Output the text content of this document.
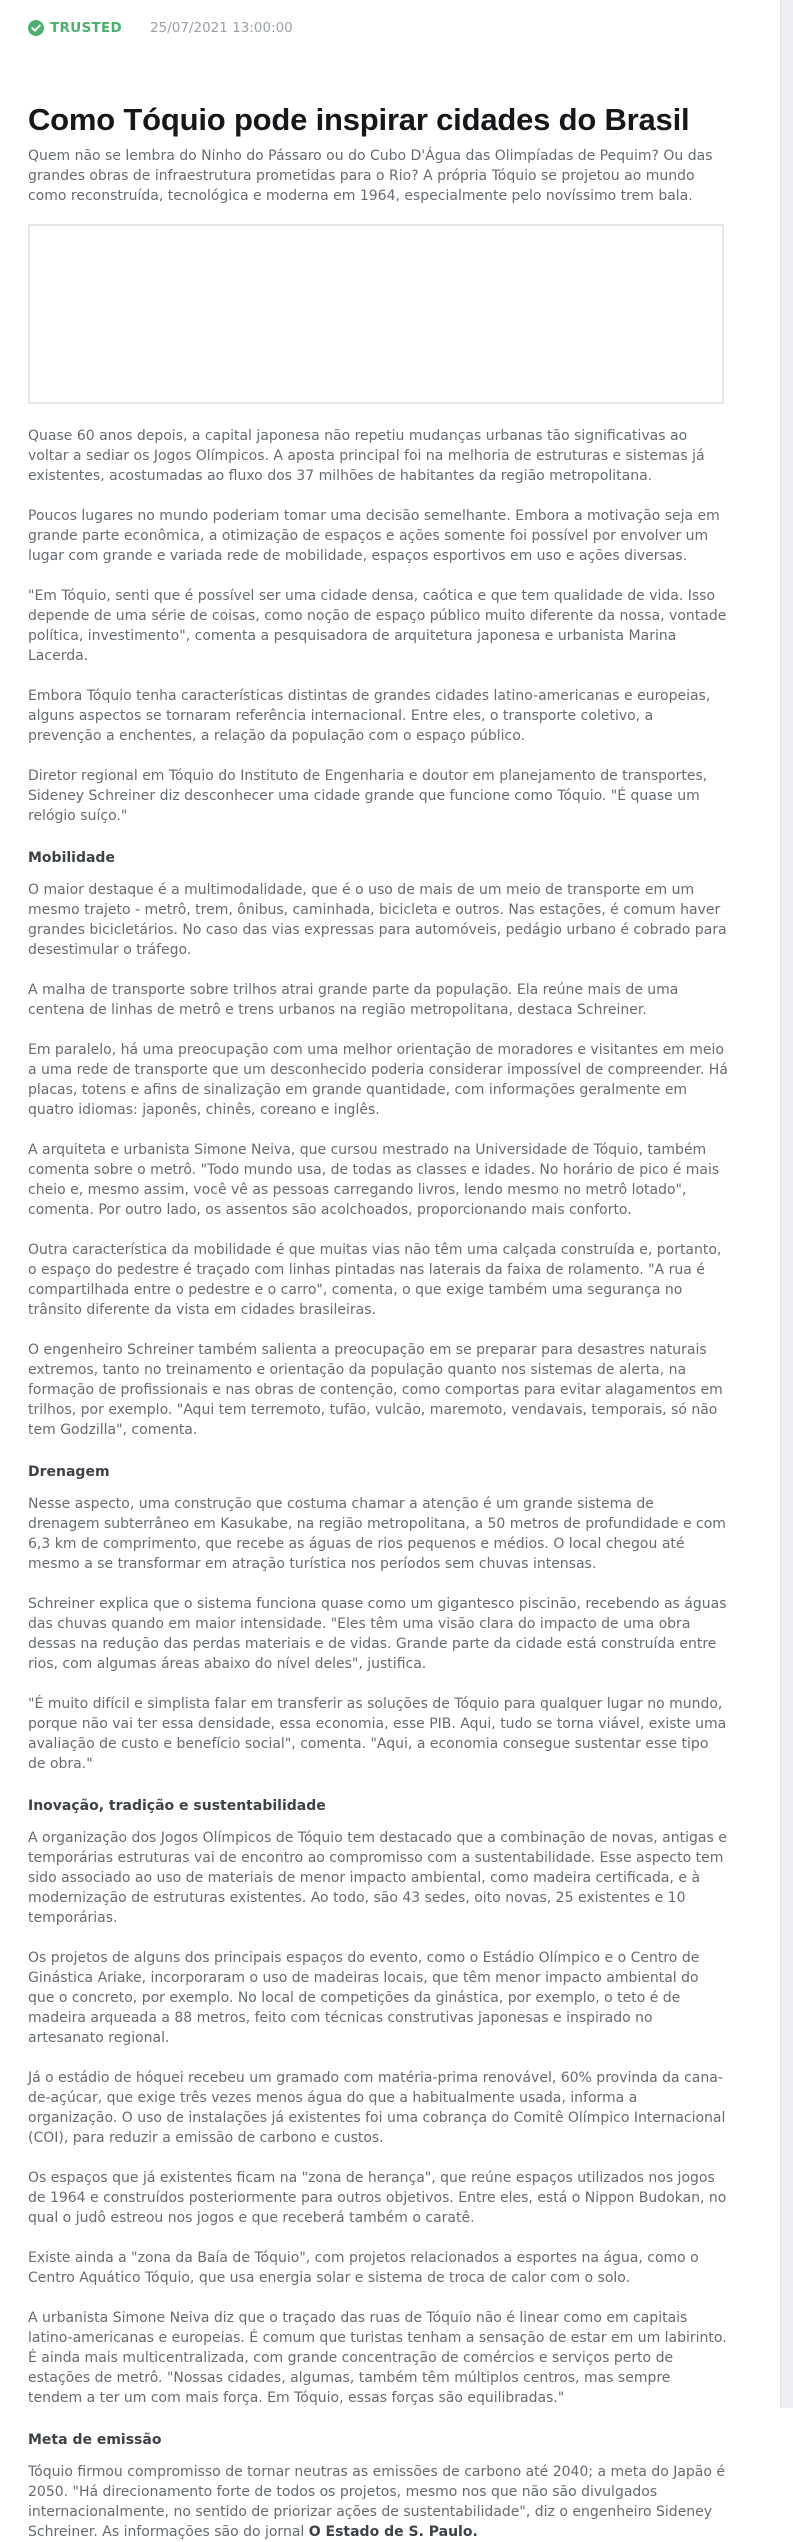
TRUSTED 25/07/2021 13:00:00
Como Tóquio pode inspirar cidades do Brasil

Quem não se lembra do Ninho do Pássaro ou do Cubo D'Água das Olimpíadas de Pequim? Ou das grandes obras de infraestrutura prometidas para o Rio? A própria Tóquio se projetou ao mundo como reconstruída, tecnológica e moderna em 1964, especialmente pelo novíssimo trem bala.

Quase 60 anos depois, a capital japonesa não repetiu mudanças urbanas tão significativas ao voltar a sediar os Jogos Olímpicos. A aposta principal foi na melhoria de estruturas e sistemas já existentes, acostumadas ao fluxo dos 37 milhões de habitantes da região metropolitana.

Poucos lugares no mundo poderiam tomar uma decisão semelhante. Embora a motivação seja em grande parte econômica, a otimização de espaços e ações somente foi possível por envolver um lugar com grande e variada rede de mobilidade, espaços esportivos em uso e ações diversas.

"Em Tóquio, senti que é possível ser uma cidade densa, caótica e que tem qualidade de vida. Isso depende de uma série de coisas, como noção de espaço público muito diferente da nossa, vontade política, investimento", comenta a pesquisadora de arquitetura japonesa e urbanista Marina Lacerda.

Embora Tóquio tenha características distintas de grandes cidades latino-americanas e europeias, alguns aspectos se tornaram referência internacional. Entre eles, o transporte coletivo, a prevenção a enchentes, a relação da população com o espaço público.

Diretor regional em Tóquio do Instituto de Engenharia e doutor em planejamento de transportes, Sideney Schreiner diz desconhecer uma cidade grande que funcione como Tóquio. "É quase um relógio suíço."

Mobilidade

O maior destaque é a multimodalidade, que é o uso de mais de um meio de transporte em um mesmo trajeto - metrô, trem, ônibus, caminhada, bicicleta e outros. Nas estações, é comum haver grandes bicicletários. No caso das vias expressas para automóveis, pedágio urbano é cobrado para desestimular o tráfego.

A malha de transporte sobre trilhos atrai grande parte da população. Ela reúne mais de uma centena de linhas de metrô e trens urbanos na região metropolitana, destaca Schreiner.

Em paralelo, há uma preocupação com uma melhor orientação de moradores e visitantes em meio a uma rede de transporte que um desconhecido poderia considerar impossível de compreender. Há placas, totens e afins de sinalização em grande quantidade, com informações geralmente em quatro idiomas: japonês, chinês, coreano e inglês.

A arquiteta e urbanista Simone Neiva, que cursou mestrado na Universidade de Tóquio, também comenta sobre o metrô. "Todo mundo usa, de todas as classes e idades. No horário de pico é mais cheio e, mesmo assim, você vê as pessoas carregando livros, lendo mesmo no metrô lotado", comenta. Por outro lado, os assentos são acolchoados, proporcionando mais conforto.

Outra característica da mobilidade é que muitas vias não têm uma calçada construída e, portanto, o espaço do pedestre é traçado com linhas pintadas nas laterais da faixa de rolamento. "A rua é compartilhada entre o pedestre e o carro", comenta, o que exige também uma segurança no trânsito diferente da vista em cidades brasileiras.

O engenheiro Schreiner também salienta a preocupação em se preparar para desastres naturais extremos, tanto no treinamento e orientação da população quanto nos sistemas de alerta, na formação de profissionais e nas obras de contenção, como comportas para evitar alagamentos em trilhos, por exemplo. "Aqui tem terremoto, tufão, vulcão, maremoto, vendavais, temporais, só não tem Godzilla", comenta.

Drenagem

Nesse aspecto, uma construção que costuma chamar a atenção é um grande sistema de drenagem subterrâneo em Kasukabe, na região metropolitana, a 50 metros de profundidade e com 6,3 km de comprimento, que recebe as águas de rios pequenos e médios. O local chegou até mesmo a se transformar em atração turística nos períodos sem chuvas intensas.

Schreiner explica que o sistema funciona quase como um gigantesco piscinão, recebendo as águas das chuvas quando em maior intensidade. "Eles têm uma visão clara do impacto de uma obra dessas na redução das perdas materiais e de vidas. Grande parte da cidade está construída entre rios, com algumas áreas abaixo do nível deles", justifica.

"É muito difícil e simplista falar em transferir as soluções de Tóquio para qualquer lugar no mundo, porque não vai ter essa densidade, essa economia, esse PIB. Aqui, tudo se torna viável, existe uma avaliação de custo e benefício social", comenta. "Aqui, a economia consegue sustentar esse tipo de obra."

Inovação, tradição e sustentabilidade

A organização dos Jogos Olímpicos de Tóquio tem destacado que a combinação de novas, antigas e temporárias estruturas vai de encontro ao compromisso com a sustentabilidade. Esse aspecto tem sido associado ao uso de materiais de menor impacto ambiental, como madeira certificada, e à modernização de estruturas existentes. Ao todo, são 43 sedes, oito novas, 25 existentes e 10 temporárias.

Os projetos de alguns dos principais espaços do evento, como o Estádio Olímpico e o Centro de Ginástica Ariake, incorporaram o uso de madeiras locais, que têm menor impacto ambiental do que o concreto, por exemplo. No local de competições da ginástica, por exemplo, o teto é de madeira arqueada a 88 metros, feito com técnicas construtivas japonesas e inspirado no artesanato regional.

Já o estádio de hóquei recebeu um gramado com matéria-prima renovável, 60% provinda da cana-de-açúcar, que exige três vezes menos água do que a habitualmente usada, informa a organização. O uso de instalações já existentes foi uma cobrança do Comitê Olímpico Internacional (COI), para reduzir a emissão de carbono e custos.

Os espaços que já existentes ficam na "zona de herança", que reúne espaços utilizados nos jogos de 1964 e construídos posteriormente para outros objetivos. Entre eles, está o Nippon Budokan, no qual o judô estreou nos jogos e que receberá também o caratê.

Existe ainda a "zona da Baía de Tóquio", com projetos relacionados a esportes na água, como o Centro Aquático Tóquio, que usa energia solar e sistema de troca de calor com o solo.

A urbanista Simone Neiva diz que o traçado das ruas de Tóquio não é linear como em capitais latino-americanas e europeias. É comum que turistas tenham a sensação de estar em um labirinto. É ainda mais multicentralizada, com grande concentração de comércios e serviços perto de estações de metrô. "Nossas cidades, algumas, também têm múltiplos centros, mas sempre tendem a ter um com mais força. Em Tóquio, essas forças são equilibradas."

Meta de emissão

Tóquio firmou compromisso de tornar neutras as emissões de carbono até 2040; a meta do Japão é 2050. "Há direcionamento forte de todos os projetos, mesmo nos que não são divulgados internacionalmente, no sentido de priorizar ações de sustentabilidade", diz o engenheiro Sideney Schreiner. As informações são do jornal O Estado de S. Paulo.
